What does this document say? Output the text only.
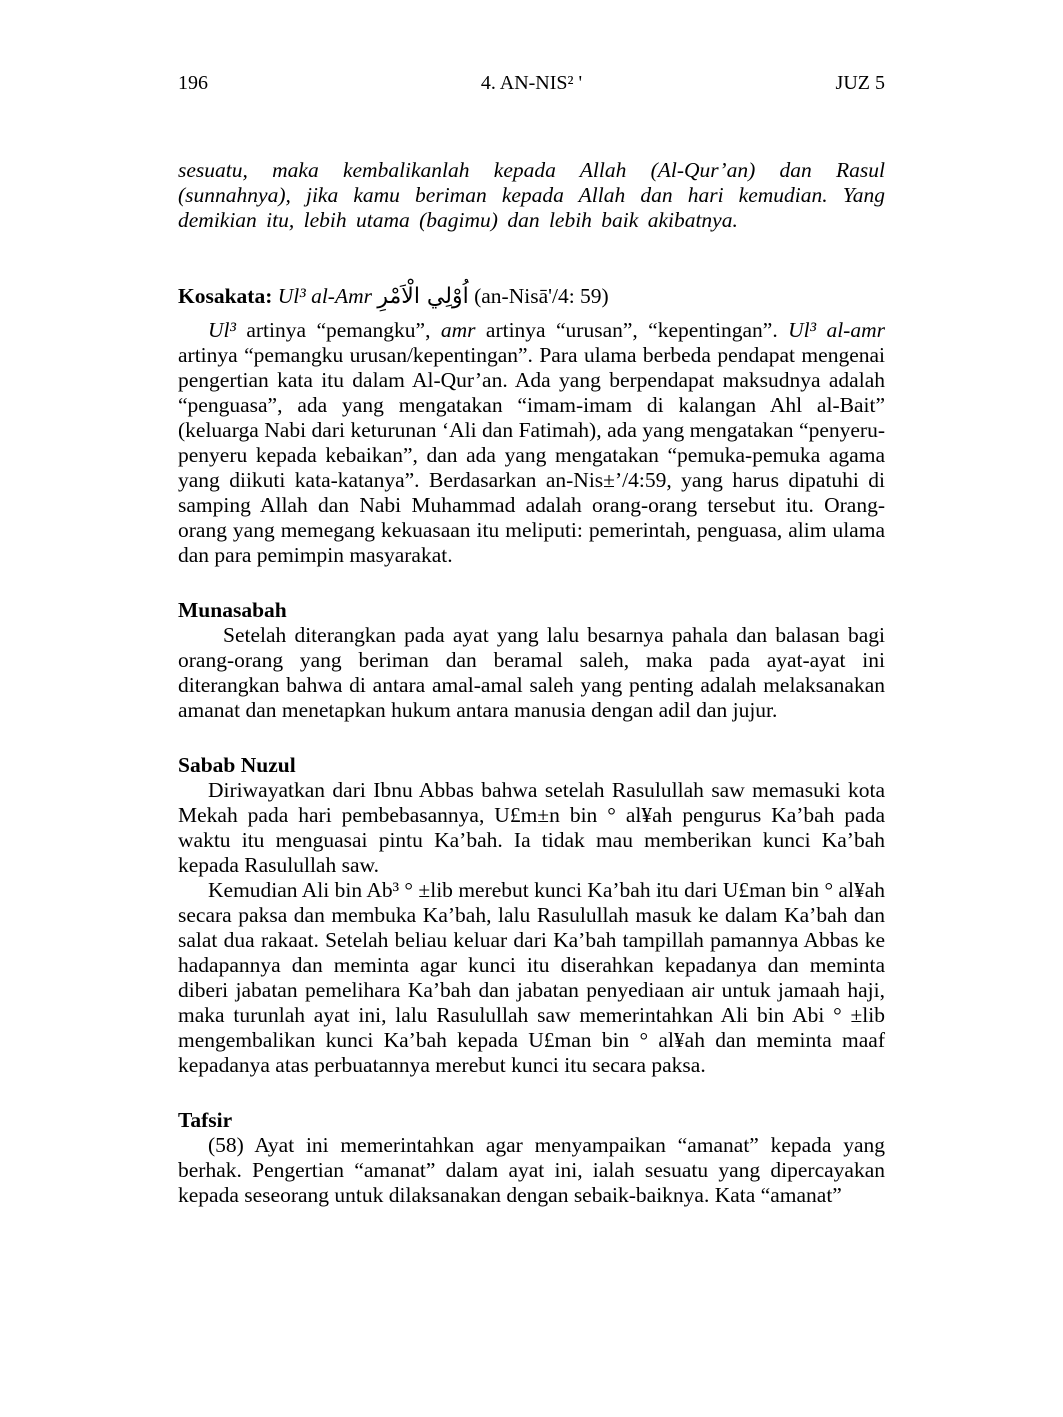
196	4. AN-NIS² '	JUZ 5

sesuatu, maka kembalikanlah kepada Allah (Al-Qur’an) dan Rasul (sunnahnya), jika kamu beriman kepada Allah dan hari kemudian. Yang demikian itu, lebih utama (bagimu) dan lebih baik akibatnya.

Kosakata: Ul³ al-Amr اُوْلِي الْاَمْرِ (an-Nisā'/4: 59)

Ul³ artinya “pemangku”, amr artinya “urusan”, “kepentingan”. Ul³ al-amr artinya “pemangku urusan/kepentingan”. Para ulama berbeda pendapat mengenai pengertian kata itu dalam Al-Qur’an. Ada yang berpendapat maksudnya adalah “penguasa”, ada yang mengatakan “imam-imam di kalangan Ahl al-Bait” (keluarga Nabi dari keturunan ‘Ali dan Fatimah), ada yang mengatakan “penyeru-penyeru kepada kebaikan”, dan ada yang mengatakan “pemuka-pemuka agama yang diikuti kata-katanya”. Berdasarkan an-Nis±’/4:59, yang harus dipatuhi di samping Allah dan Nabi Muhammad adalah orang-orang tersebut itu. Orang-orang yang memegang kekuasaan itu meliputi: pemerintah, penguasa, alim ulama dan para pemimpin masyarakat.

Munasabah

Setelah diterangkan pada ayat yang lalu besarnya pahala dan balasan bagi orang-orang yang beriman dan beramal saleh, maka pada ayat-ayat ini diterangkan bahwa di antara amal-amal saleh yang penting adalah melaksanakan amanat dan menetapkan hukum antara manusia dengan adil dan jujur.

Sabab Nuzul

Diriwayatkan dari Ibnu Abbas bahwa setelah Rasulullah saw memasuki kota Mekah pada hari pembebasannya, U£m±n bin ° al¥ah pengurus Ka’bah pada waktu itu menguasai pintu Ka’bah. Ia tidak mau memberikan kunci Ka’bah kepada Rasulullah saw.

Kemudian Ali bin Ab³ ° ±lib merebut kunci Ka’bah itu dari U£man bin ° al¥ah secara paksa dan membuka Ka’bah, lalu Rasulullah masuk ke dalam Ka’bah dan salat dua rakaat. Setelah beliau keluar dari Ka’bah tampillah pamannya Abbas ke hadapannya dan meminta agar kunci itu diserahkan kepadanya dan meminta diberi jabatan pemelihara Ka’bah dan jabatan penyediaan air untuk jamaah haji, maka turunlah ayat ini, lalu Rasulullah saw memerintahkan Ali bin Abi ° ±lib mengembalikan kunci Ka’bah kepada U£man bin ° al¥ah dan meminta maaf kepadanya atas perbuatannya merebut kunci itu secara paksa.

Tafsir

(58) Ayat ini memerintahkan agar menyampaikan “amanat” kepada yang berhak. Pengertian “amanat” dalam ayat ini, ialah sesuatu yang dipercayakan kepada seseorang untuk dilaksanakan dengan sebaik-baiknya. Kata “amanat”
